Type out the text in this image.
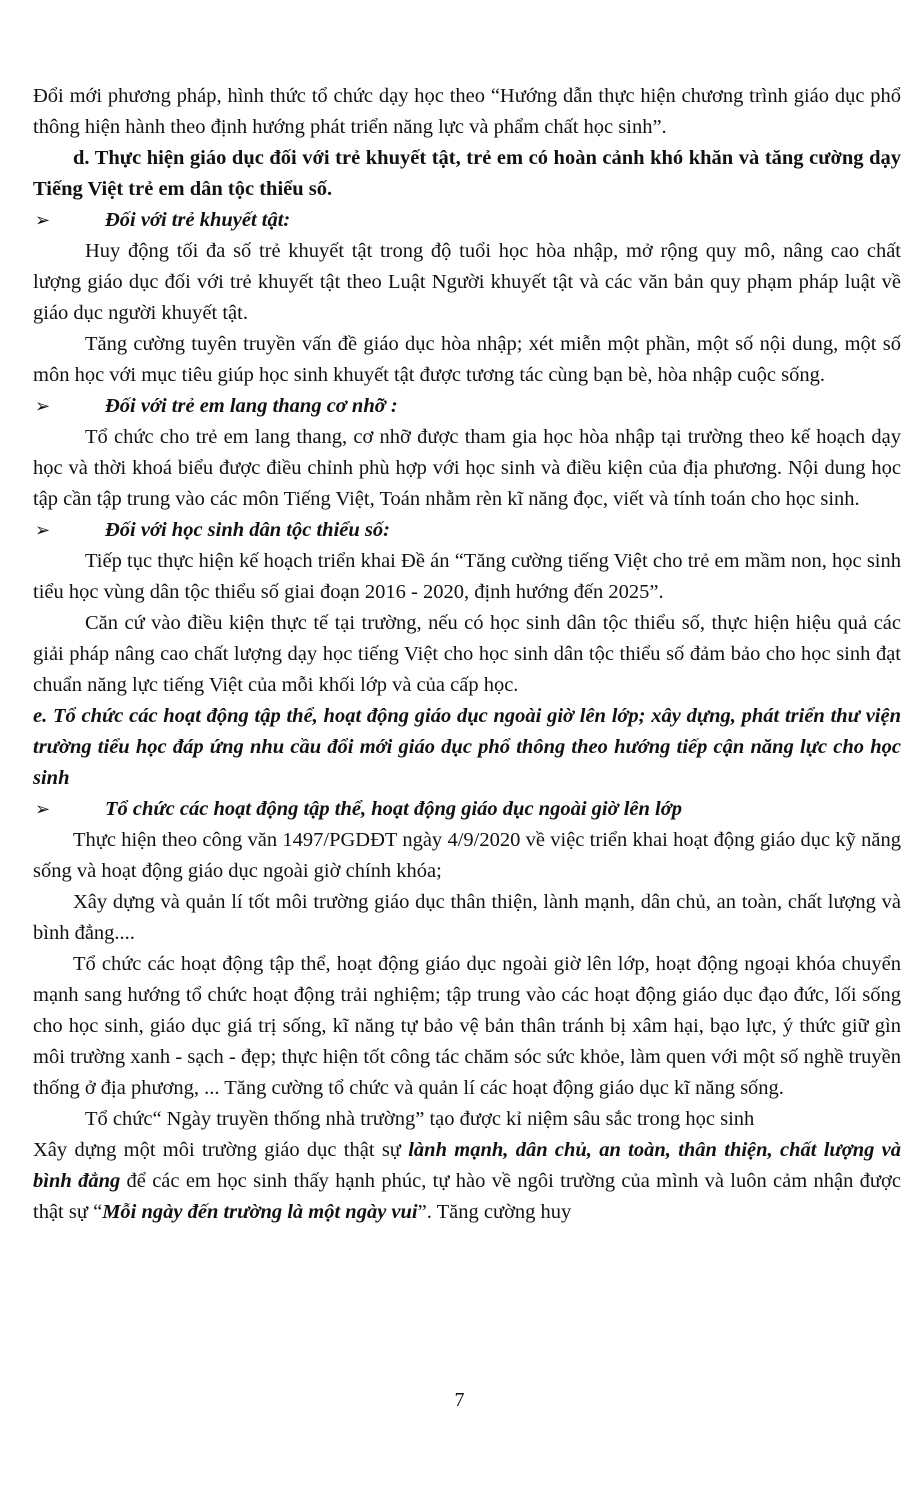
Đổi mới phương pháp, hình thức tổ chức dạy học theo “Hướng dẫn thực hiện chương trình giáo dục phổ thông hiện hành theo định hướng phát triển năng lực và phẩm chất học sinh”.

d. Thực hiện giáo dục đối với trẻ khuyết tật, trẻ em có hoàn cảnh khó khăn và tăng cường dạy Tiếng Việt trẻ em dân tộc thiểu số.

➢	Đối với trẻ khuyết tật:

Huy động tối đa số trẻ khuyết tật trong độ tuổi học hòa nhập, mở rộng quy mô, nâng cao chất lượng giáo dục đối với trẻ khuyết tật theo Luật Người khuyết tật và các văn bản quy phạm pháp luật về giáo dục người khuyết tật.

Tăng cường tuyên truyền vấn đề giáo dục hòa nhập; xét miễn một phần, một số nội dung, một số môn học với mục tiêu giúp học sinh khuyết tật được tương tác cùng bạn bè, hòa nhập cuộc sống.

➢	Đối với trẻ em lang thang cơ nhỡ :

Tổ chức cho trẻ em lang thang, cơ nhỡ được tham gia học hòa nhập tại trường theo kế hoạch dạy học và thời khoá biểu được điều chỉnh phù hợp với học sinh và điều kiện của địa phương. Nội dung học tập cần tập trung vào các môn Tiếng Việt, Toán nhằm rèn kĩ năng đọc, viết và tính toán cho học sinh.

➢	Đối với học sinh dân tộc thiểu số:

Tiếp tục thực hiện kế hoạch triển khai Đề án “Tăng cường tiếng Việt cho trẻ em mầm non, học sinh tiểu học vùng dân tộc thiểu số giai đoạn 2016 - 2020, định hướng đến 2025”.

Căn cứ vào điều kiện thực tế tại trường, nếu có học sinh dân tộc thiểu số, thực hiện hiệu quả các giải pháp nâng cao chất lượng dạy học tiếng Việt cho học sinh dân tộc thiểu số đảm bảo cho học sinh đạt chuẩn năng lực tiếng Việt của mỗi khối lớp và của cấp học.

e. Tổ chức các hoạt động tập thể, hoạt động giáo dục ngoài giờ lên lớp; xây dựng, phát triển thư viện trường tiểu học đáp ứng nhu cầu đổi mới giáo dục phổ thông theo hướng tiếp cận năng lực cho học sinh

➢	Tổ chức các hoạt động tập thể, hoạt động giáo dục ngoài giờ lên lớp

Thực hiện theo công văn 1497/PGDĐT ngày 4/9/2020 về việc triển khai hoạt động giáo dục kỹ năng sống và hoạt động giáo dục ngoài giờ chính khóa;

Xây dựng và quản lí tốt môi trường giáo dục thân thiện, lành mạnh, dân chủ, an toàn, chất lượng và bình đẳng....

Tổ chức các hoạt động tập thể, hoạt động giáo dục ngoài giờ lên lớp, hoạt động ngoại khóa chuyển mạnh sang hướng tổ chức hoạt động trải nghiệm; tập trung vào các hoạt động giáo dục đạo đức, lối sống cho học sinh, giáo dục giá trị sống, kĩ năng tự bảo vệ bản thân tránh bị xâm hại, bạo lực, ý thức giữ gìn môi trường xanh - sạch - đẹp; thực hiện tốt công tác chăm sóc sức khỏe, làm quen với một số nghề truyền thống ở địa phương, ... Tăng cường tổ chức và quản lí các hoạt động giáo dục kĩ năng sống.

Tổ chức“ Ngày truyền thống nhà trường” tạo được kỉ niệm sâu sắc trong học sinh

Xây dựng một môi trường giáo dục thật sự lành mạnh, dân chủ, an toàn, thân thiện, chất lượng và bình đẳng để các em học sinh thấy hạnh phúc, tự hào về ngôi trường của mình và luôn cảm nhận được thật sự “Mỗi ngày đến trường là một ngày vui”. Tăng cường huy

7
